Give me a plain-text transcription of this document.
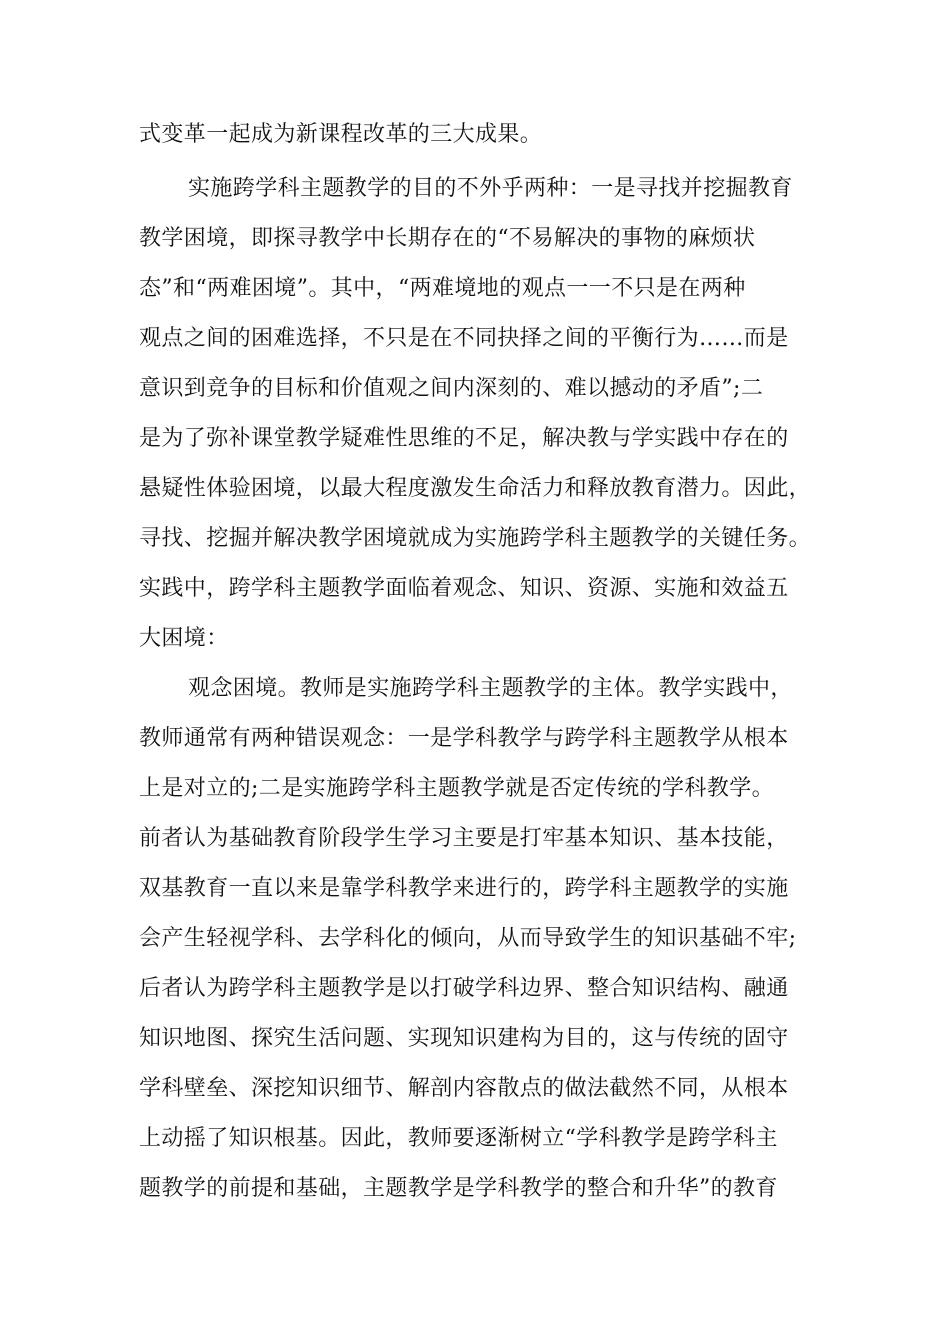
式变革一起成为新课程改革的三大成果。
实施跨学科主题教学的目的不外乎两种：一是寻找并挖掘教育
教学困境，即探寻教学中长期存在的“不易解决的事物的麻烦状
态”和“两难困境”。其中，“两难境地的观点一一不只是在两种
观点之间的困难选择，不只是在不同抉择之间的平衡行为……而是
意识到竞争的目标和价值观之间内深刻的、难以撼动的矛盾”;二
是为了弥补课堂教学疑难性思维的不足，解决教与学实践中存在的
悬疑性体验困境，以最大程度激发生命活力和释放教育潜力。因此，
寻找、挖掘并解决教学困境就成为实施跨学科主题教学的关键任务。
实践中，跨学科主题教学面临着观念、知识、资源、实施和效益五
大困境：
观念困境。教师是实施跨学科主题教学的主体。教学实践中，
教师通常有两种错误观念：一是学科教学与跨学科主题教学从根本
上是对立的;二是实施跨学科主题教学就是否定传统的学科教学。
前者认为基础教育阶段学生学习主要是打牢基本知识、基本技能，
双基教育一直以来是靠学科教学来进行的，跨学科主题教学的实施
会产生轻视学科、去学科化的倾向，从而导致学生的知识基础不牢;
后者认为跨学科主题教学是以打破学科边界、整合知识结构、融通
知识地图、探究生活问题、实现知识建构为目的，这与传统的固守
学科壁垒、深挖知识细节、解剖内容散点的做法截然不同，从根本
上动摇了知识根基。因此，教师要逐渐树立“学科教学是跨学科主
题教学的前提和基础，主题教学是学科教学的整合和升华”的教育
